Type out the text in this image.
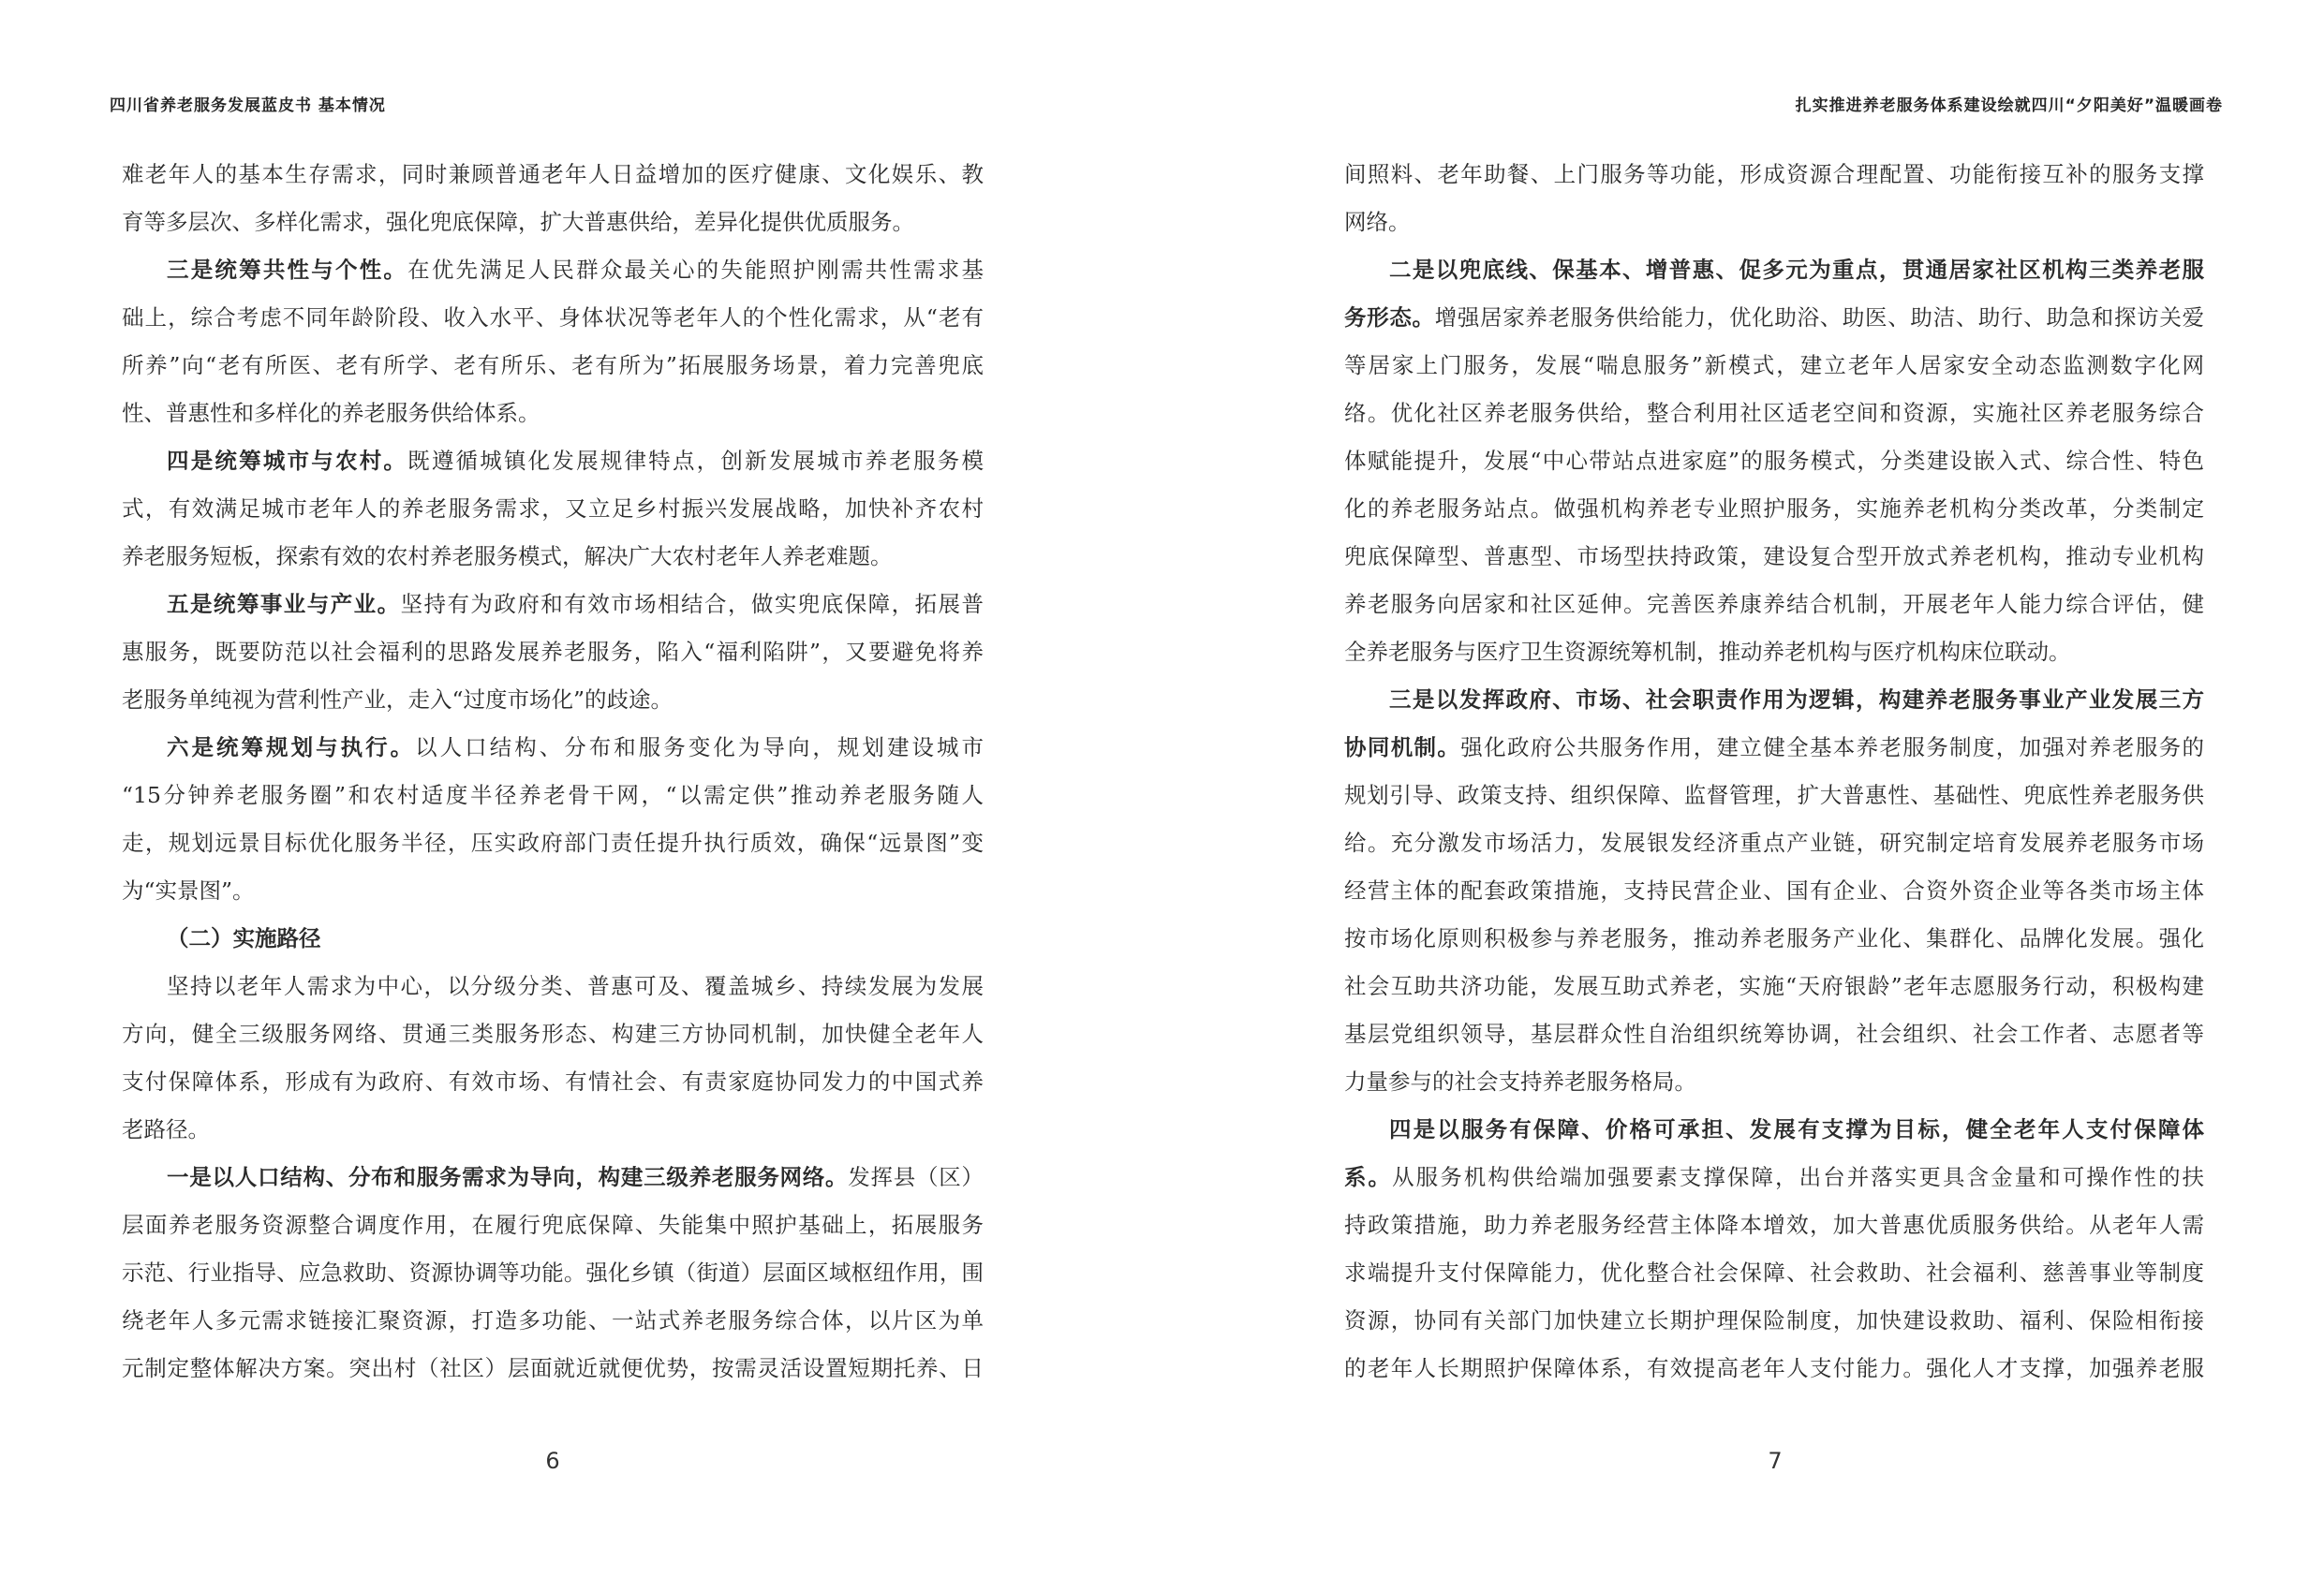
四川省养老服务发展蓝皮书 基本情况
难老年人的基本生存需求，同时兼顾普通老年人日益增加的医疗健康、文化娱乐、教
育等多层次、多样化需求，强化兜底保障，扩大普惠供给，差异化提供优质服务。
三是统筹共性与个性。在优先满足人民群众最关心的失能照护刚需共性需求基
础上，综合考虑不同年龄阶段、收入水平、身体状况等老年人的个性化需求，从“老有
所养”向“老有所医、老有所学、老有所乐、老有所为”拓展服务场景，着力完善兜底
性、普惠性和多样化的养老服务供给体系。
四是统筹城市与农村。既遵循城镇化发展规律特点，创新发展城市养老服务模
式，有效满足城市老年人的养老服务需求，又立足乡村振兴发展战略，加快补齐农村
养老服务短板，探索有效的农村养老服务模式，解决广大农村老年人养老难题。
五是统筹事业与产业。坚持有为政府和有效市场相结合，做实兜底保障，拓展普
惠服务，既要防范以社会福利的思路发展养老服务，陷入“福利陷阱”，又要避免将养
老服务单纯视为营利性产业，走入“过度市场化”的歧途。
六是统筹规划与执行。以人口结构、分布和服务变化为导向，规划建设城市
“15分钟养老服务圈”和农村适度半径养老骨干网，“以需定供”推动养老服务随人
走，规划远景目标优化服务半径，压实政府部门责任提升执行质效，确保“远景图”变
为“实景图”。
（二）实施路径
坚持以老年人需求为中心，以分级分类、普惠可及、覆盖城乡、持续发展为发展
方向，健全三级服务网络、贯通三类服务形态、构建三方协同机制，加快健全老年人
支付保障体系，形成有为政府、有效市场、有情社会、有责家庭协同发力的中国式养
老路径。
一是以人口结构、分布和服务需求为导向，构建三级养老服务网络。发挥县（区）
层面养老服务资源整合调度作用，在履行兜底保障、失能集中照护基础上，拓展服务
示范、行业指导、应急救助、资源协调等功能。强化乡镇（街道）层面区域枢纽作用，围
绕老年人多元需求链接汇聚资源，打造多功能、一站式养老服务综合体，以片区为单
元制定整体解决方案。突出村（社区）层面就近就便优势，按需灵活设置短期托养、日
6
扎实推进养老服务体系建设绘就四川“夕阳美好”温暖画卷
间照料、老年助餐、上门服务等功能，形成资源合理配置、功能衔接互补的服务支撑
网络。
二是以兜底线、保基本、增普惠、促多元为重点，贯通居家社区机构三类养老服
务形态。增强居家养老服务供给能力，优化助浴、助医、助洁、助行、助急和探访关爱
等居家上门服务，发展“喘息服务”新模式，建立老年人居家安全动态监测数字化网
络。优化社区养老服务供给，整合利用社区适老空间和资源，实施社区养老服务综合
体赋能提升，发展“中心带站点进家庭”的服务模式，分类建设嵌入式、综合性、特色
化的养老服务站点。做强机构养老专业照护服务，实施养老机构分类改革，分类制定
兜底保障型、普惠型、市场型扶持政策，建设复合型开放式养老机构，推动专业机构
养老服务向居家和社区延伸。完善医养康养结合机制，开展老年人能力综合评估，健
全养老服务与医疗卫生资源统筹机制，推动养老机构与医疗机构床位联动。
三是以发挥政府、市场、社会职责作用为逻辑，构建养老服务事业产业发展三方
协同机制。强化政府公共服务作用，建立健全基本养老服务制度，加强对养老服务的
规划引导、政策支持、组织保障、监督管理，扩大普惠性、基础性、兜底性养老服务供
给。充分激发市场活力，发展银发经济重点产业链，研究制定培育发展养老服务市场
经营主体的配套政策措施，支持民营企业、国有企业、合资外资企业等各类市场主体
按市场化原则积极参与养老服务，推动养老服务产业化、集群化、品牌化发展。强化
社会互助共济功能，发展互助式养老，实施“天府银龄”老年志愿服务行动，积极构建
基层党组织领导，基层群众性自治组织统筹协调，社会组织、社会工作者、志愿者等
力量参与的社会支持养老服务格局。
四是以服务有保障、价格可承担、发展有支撑为目标，健全老年人支付保障体
系。从服务机构供给端加强要素支撑保障，出台并落实更具含金量和可操作性的扶
持政策措施，助力养老服务经营主体降本增效，加大普惠优质服务供给。从老年人需
求端提升支付保障能力，优化整合社会保障、社会救助、社会福利、慈善事业等制度
资源，协同有关部门加快建立长期护理保险制度，加快建设救助、福利、保险相衔接
的老年人长期照护保障体系，有效提高老年人支付能力。强化人才支撑，加强养老服
7
